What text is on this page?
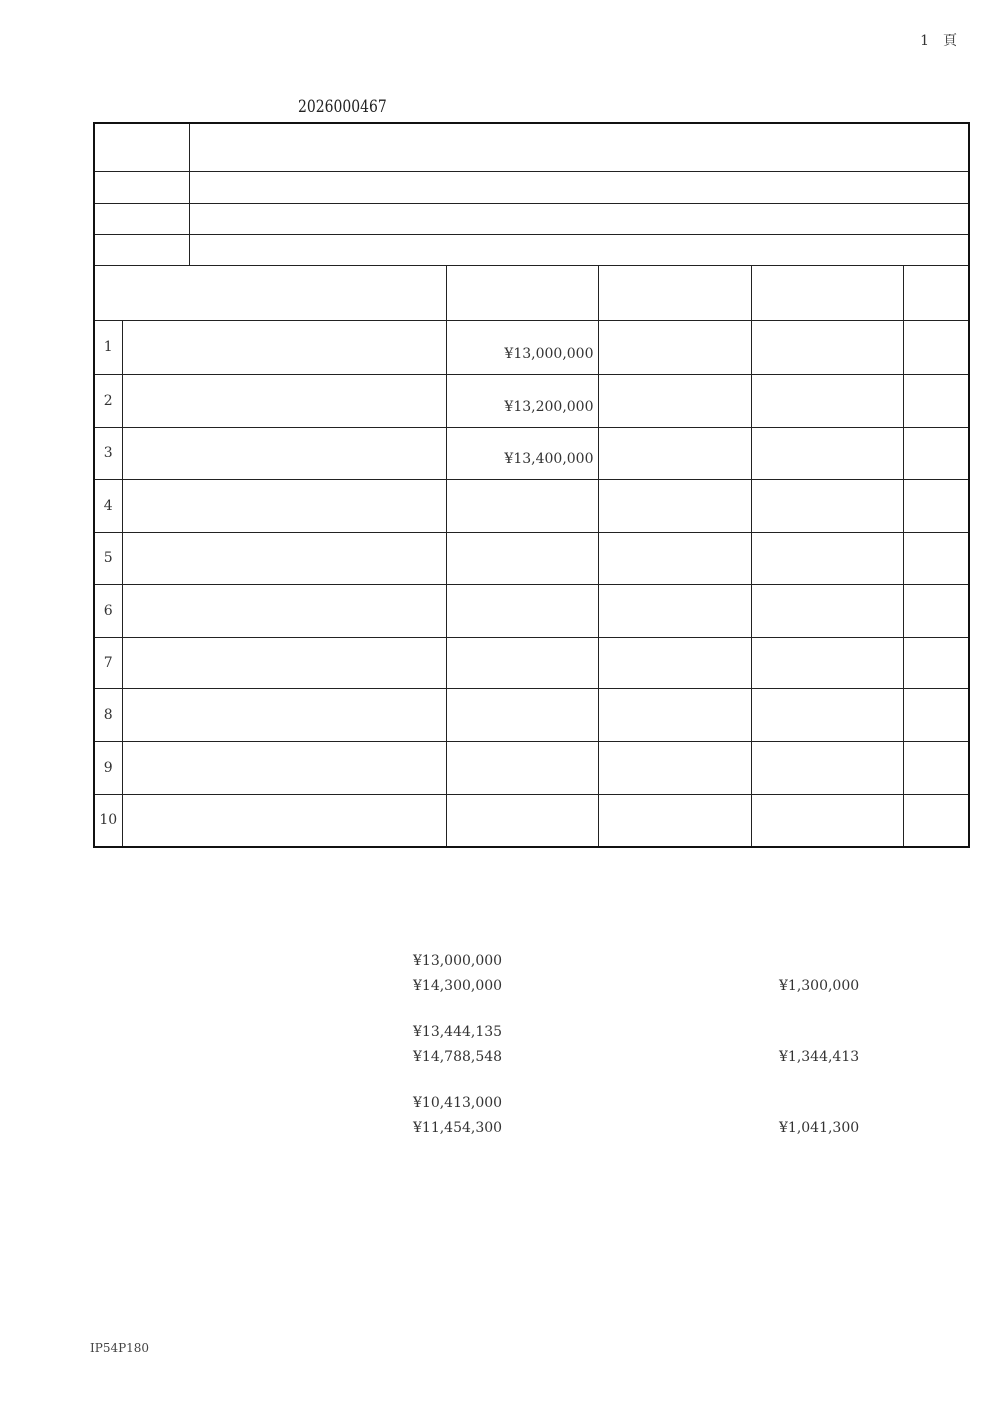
1　頁
2026000467

1			¥13,000,000			
2			¥13,200,000			
3			¥13,400,000			
4						
5						
6						
7						
8						
9						
10						
¥13,000,000
¥14,300,000	¥1,300,000
¥13,444,135
¥14,788,548	¥1,344,413
¥10,413,000
¥11,454,300	¥1,041,300
IP54P180
